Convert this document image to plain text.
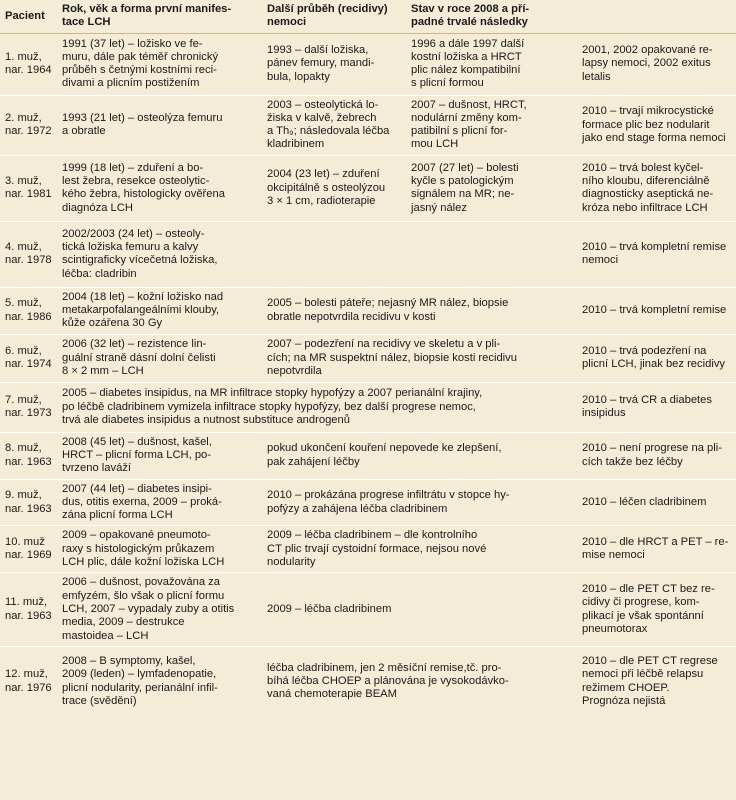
Pacient	Rok, věk a forma první manifes-
tace LCH	Další průběh (recidivy)
nemoci	Stav v roce 2008 a pří-
padné trvalé následky	
1. muž,
nar. 1964	1991 (37 let) – ložisko ve fe-
muru, dále pak téměř chronický
průběh s četnými kostními reci-
divami a plicním postižením	1993 – další ložiska,
pánev femury, mandi-
bula, lopakty	1996 a dále 1997 další
kostní ložiska a HRCT
plic nález kompatibilní
s plicní formou	2001, 2002 opakované re-
lapsy nemoci, 2002 exitus
letalis
2. muž,
nar. 1972	1993 (21 let) – osteolýza femuru
a obratle	2003 – osteolytická lo-
žiska v kalvě, žebrech
a Th₉; následovala léčba
kladribinem	2007 – dušnost, HRCT,
nodulární změny kom-
patibilní s plicní for-
mou LCH	2010 – trvají mikrocystické
formace plic bez nodularit
jako end stage forma nemoci
3. muž,
nar. 1981	1999 (18 let) – zduření a bo-
lest žebra, resekce osteolytic-
kého žebra, histologicky ověřena
diagnóza LCH	2004 (23 let) – zduření
okcipitálně s osteolýzou
3 × 1 cm, radioterapie	2007 (27 let) – bolesti
kyčle s patologickým
signálem na MR; ne-
jasný nález	2010 – trvá bolest kyčel-
ního kloubu, diferenciálně
diagnosticky aseptická ne-
króza nebo infiltrace LCH
4. muž,
nar. 1978	2002/2003 (24 let) – osteoly-
tická ložiska femuru a kalvy
scintigraficky vícečetná ložiska,
léčba: cladribin			2010 – trvá kompletní remise
nemoci
5. muž,
nar. 1986	2004 (18 let) – kožní ložisko nad
metakarpofalangeálními klouby,
kůže ozářena 30 Gy	2005 – bolesti páteře; nejasný MR nález, biopsie
obratle nepotvrdila recidivu v kosti		2010 – trvá kompletní remise
6. muž,
nar. 1974	2006 (32 let) – rezistence lin-
guální straně dásní dolní čelisti
8 × 2 mm – LCH	2007 – podezření na recidivy ve skeletu a v pli-
cích; na MR suspektní nález, biopsie kosti recidivu
nepotvrdila		2010 – trvá podezření na
plicní LCH, jinak bez recidivy
7. muž,
nar. 1973	2005 – diabetes insipidus, na MR infiltrace stopky hypofýzy a 2007 perianální krajiny,
po léčbě cladribinem vymizela infiltrace stopky hypofýzy, bez další progrese nemoc,
trvá ale diabetes insipidus a nutnost substituce androgenů			2010 – trvá CR a diabetes
insipidus
8. muž,
nar. 1963	2008 (45 let) – dušnost, kašel,
HRCT – plicní forma LCH, po-
tvrzeno laváží	pokud ukončení kouření nepovede ke zlepšení,
pak zahájení léčby		2010 – není progrese na pli-
cích takže bez léčby
9. muž,
nar. 1963	2007 (44 let) – diabetes insipi-
dus, otitis exerna, 2009 – proká-
zána plicní forma LCH	2010 – prokázána progrese infiltrátu v stopce hy-
pofýzy a zahájena léčba cladribinem		2010 – léčen cladribinem
10. muž
nar. 1969	2009 – opakované pneumoto-
raxy s histologickým průkazem
LCH plic, dále kožní ložiska LCH	2009 – léčba cladribinem – dle kontrolního
CT plic trvají cystoidní formace, nejsou nové
nodularity		2010 – dle HRCT a PET – re-
mise nemoci
11. muž,
nar. 1963	2006 – dušnost, považována za
emfyzém, šlo však o plicní formu
LCH, 2007 – vypadaly zuby a otitis
media, 2009 – destrukce
mastoidea – LCH	2009 – léčba cladribinem		2010 – dle PET CT bez re-
cidivy či progrese, kom-
plikací je však spontánní
pneumotorax
12. muž,
nar. 1976	2008 – B symptomy, kašel,
2009 (leden) – lymfadenopatie,
plicní nodularity, perianální infil-
trace (svědění)	léčba cladribinem, jen 2 měsíční remise,tč. pro-
bíhá léčba CHOEP a plánována je vysokodávko-
vaná chemoterapie BEAM		2010 – dle PET CT regrese
nemoci při léčbě relapsu
režimem CHOEP.
Prognóza nejistá
